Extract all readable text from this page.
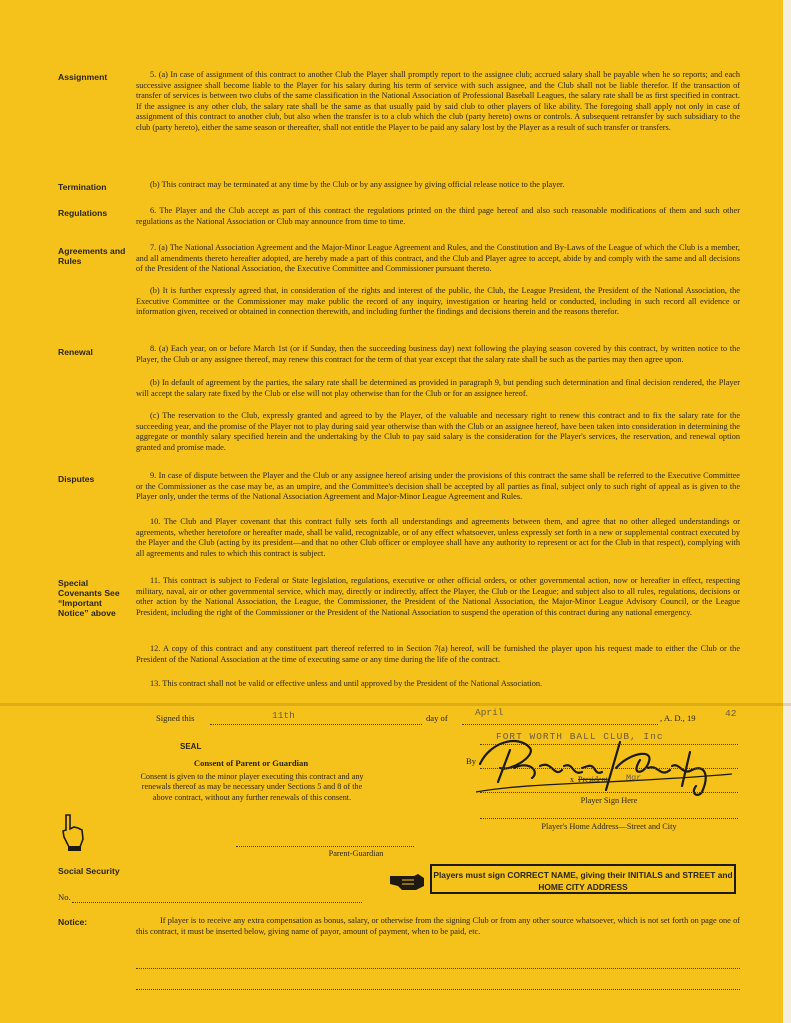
Assignment	5. (a) In case of assignment of this contract to another Club the Player shall promptly report to the assignee club; accrued salary shall be payable when he so reports; and each successive assignee shall become liable to the Player for his salary during his term of service with such assignee, and the Club shall not be liable therefor. If the transaction of transfer of services is between two clubs of the same classification in the National Association of Professional Baseball Leagues, the salary rate shall be as first specified in contract. If the assignee is any other club, the salary rate shall be the same as that usually paid by said club to other players of like ability. The foregoing shall apply not only in case of assignment of this contract to another club, but also when the transfer is to a club which the club (party hereto) owns or controls. A subsequent retransfer by such subsidiary to the club (party hereto), either the same season or thereafter, shall not entitle the Player to be paid any salary lost by the Player as a result of such transfer or transfers.
Termination	(b) This contract may be terminated at any time by the Club or by any assignee by giving official release notice to the player.
Regulations	6. The Player and the Club accept as part of this contract the regulations printed on the third page hereof and also such reasonable modifications of them and such other regulations as the National Association or Club may announce from time to time.
Agreements and Rules
7. (a) The National Association Agreement and the Major-Minor League Agreement and Rules, and the Constitution and By-Laws of the League of which the Club is a member, and all amendments thereto hereafter adopted, are hereby made a part of this contract, and the Club and Player agree to accept, abide by and comply with the same and all decisions of the President of the National Association, the Executive Committee and Commissioner pursuant thereto.
(b) It is further expressly agreed that, in consideration of the rights and interest of the public, the Club, the League President, the President of the National Association, the Executive Committee or the Commissioner may make public the record of any inquiry, investigation or hearing held or conducted, including in such record all evidence or information given, received or obtained in connection therewith, and including further the findings and decisions therein and the reasons therefor.
Renewal	8. (a) Each year, on or before March 1st (or if Sunday, then the succeeding business day) next following the playing season covered by this contract, by written notice to the Player, the Club or any assignee thereof, may renew this contract for the term of that year except that the salary rate shall be such as the parties may then agree upon.
(b) In default of agreement by the parties, the salary rate shall be determined as provided in paragraph 9, but pending such determination and final decision rendered, the Player will accept the salary rate fixed by the Club or else will not play otherwise than for the Club or for an assignee hereof.
(c) The reservation to the Club, expressly granted and agreed to by the Player, of the valuable and necessary right to renew this contract and to fix the salary rate for the succeeding year, and the promise of the Player not to play during said year otherwise than with the Club or an assignee hereof, have been taken into consideration in determining the aggregate or monthly salary specified herein and the undertaking by the Club to pay said salary is the consideration for the Player's services, the reservation, and renewal option granted and promise made.
Disputes	9. In case of dispute between the Player and the Club or any assignee hereof arising under the provisions of this contract the same shall be referred to the Executive Committee or the Commissioner as the case may be, as an umpire, and the Committee's decision shall be accepted by all parties as final, subject only to such right of appeal as is given to the Player only, under the terms of the National Association Agreement and Major-Minor League Agreement and Rules.
10. The Club and Player covenant that this contract fully sets forth all understandings and agreements between them, and agree that no other alleged understandings or agreements, whether heretofore or hereafter made, shall be valid, recognizable, or of any effect whatsoever, unless expressly set forth in a new or supplemental contract executed by the Player and the Club (acting by its president—and that no other Club officer or employee shall have any authority to represent or act for the Club in that respect), complying with all agreements and rules to which this contract is subject.
Special Covenants See “Important Notice” above
11. This contract is subject to Federal or State legislation, regulations, executive or other official orders, or other governmental action, now or hereafter in effect, respecting military, naval, air or other governmental service, which may, directly or indirectly, affect the Player, the Club or the League; and subject also to all rules, regulations, decisions or other action by the National Association, the League, the Commissioner, the President of the National Association, the Major-Minor League Advisory Council, or the League President, including the right of the Commissioner or the President of the National Association to suspend the operation of this contract during any national emergency.
12. A copy of this contract and any constituent part thereof referred to in Section 7(a) hereof, will be furnished the player upon his request made to either the Club or the President of the National Association at the time of executing same or any time during the life of the contract.
13. This contract shall not be valid or effective unless and until approved by the President of the National Association.
Signed this	11th	day of	April	, A. D., 19	42
FORT WORTH BALL CLUB, Inc
By
x President Mgr
Player Sign Here
Player's Home Address—Street and City
SEAL
Consent of Parent or Guardian
Consent is given to the minor player executing this contract and any renewals thereof as may be necessary under Sections 5 and 8 of the above contract, without any further renewals of this consent.
Parent-Guardian
Social Security
No.
Players must sign CORRECT NAME, giving their INITIALS and STREET and HOME CITY ADDRESS
Notice:	If player is to receive any extra compensation as bonus, salary, or otherwise from the signing Club or from any other source whatsoever, which is not set forth on page one of this contract, it must be inserted below, giving name of payor, amount of payment, when to be paid, etc.
